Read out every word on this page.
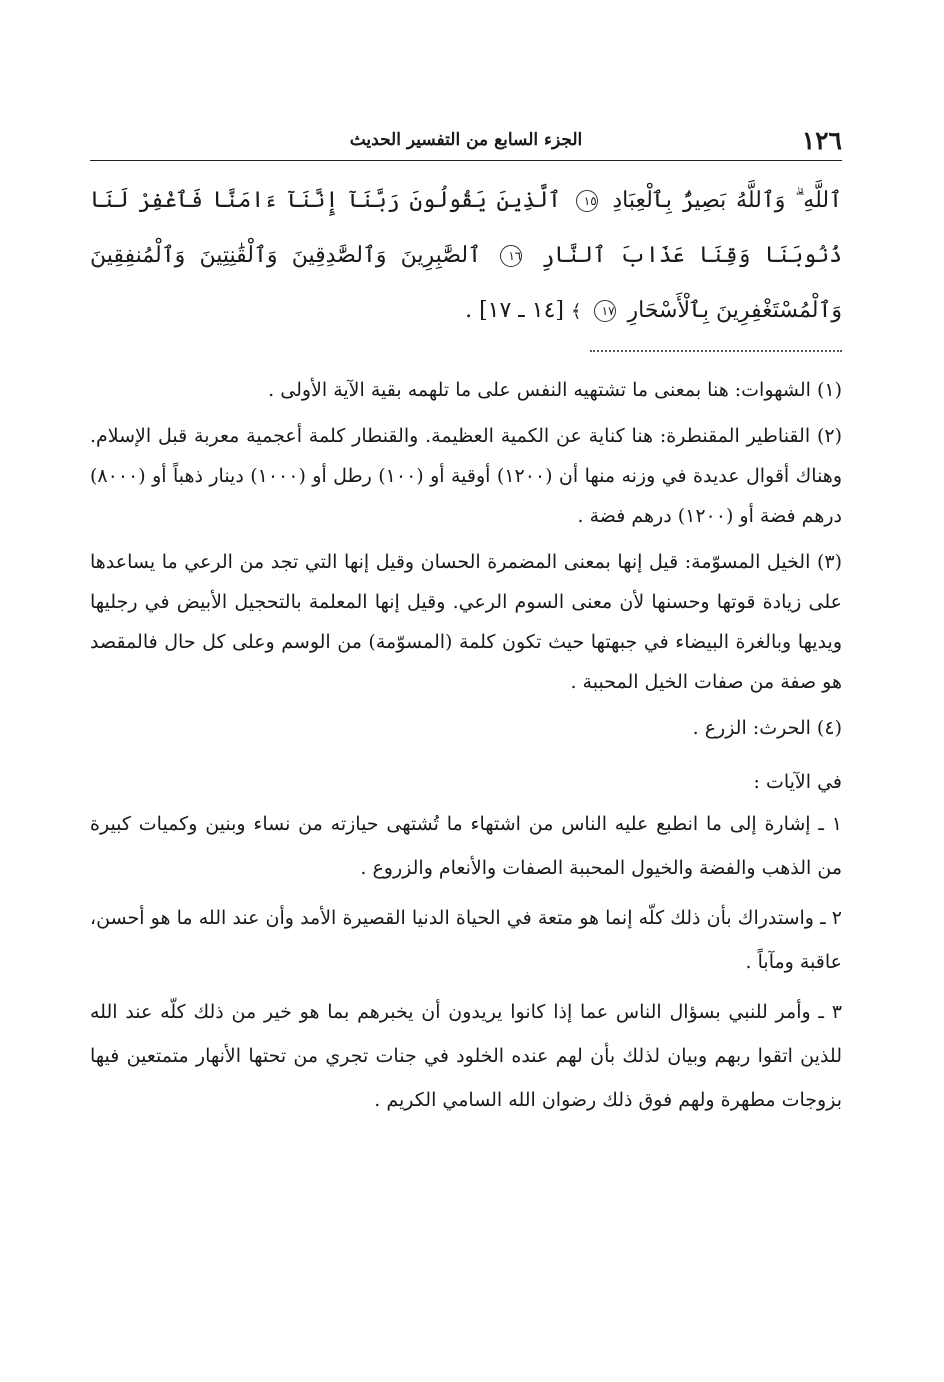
١٢٦
الجزء السابع من التفسير الحديث
ٱللَّهِ ۗ وَٱللَّهُ بَصِيرٌۢ بِٱلْعِبَادِ ١٥ ٱلَّذِينَ يَقُولُونَ رَبَّنَآ إِنَّنَآ ءَامَنَّا فَٱغْفِرْ لَنَا ذُنُوبَنَا وَقِنَا عَذَابَ ٱلنَّارِ ١٦ ٱلصَّٰبِرِينَ وَٱلصَّٰدِقِينَ وَٱلْقَٰنِتِينَ وَٱلْمُنفِقِينَ وَٱلْمُسْتَغْفِرِينَ بِٱلْأَسْحَارِ ١٧ ﴾ [١٤ ـ ١٧] .

(١) الشهوات: هنا بمعنى ما تشتهيه النفس على ما تلهمه بقية الآية الأولى .

(٢) القناطير المقنطرة: هنا كناية عن الكمية العظيمة. والقنطار كلمة أعجمية معربة قبل الإسلام. وهناك أقوال عديدة في وزنه منها أن (١٢٠٠) أوقية أو (١٠٠) رطل أو (١٠٠٠) دينار ذهباً أو (٨٠٠٠) درهم فضة أو (١٢٠٠) درهم فضة .

(٣) الخيل المسوّمة: قيل إنها بمعنى المضمرة الحسان وقيل إنها التي تجد من الرعي ما يساعدها على زيادة قوتها وحسنها لأن معنى السوم الرعي. وقيل إنها المعلمة بالتحجيل الأبيض في رجليها ويديها وبالغرة البيضاء في جبهتها حيث تكون كلمة (المسوّمة) من الوسم وعلى كل حال فالمقصد هو صفة من صفات الخيل المحببة .

(٤) الحرث: الزرع .

في الآيات :
١ ـ إشارة إلى ما انطبع عليه الناس من اشتهاء ما تُشتهى حيازته من نساء وبنين وكميات كبيرة من الذهب والفضة والخيول المحببة الصفات والأنعام والزروع .
٢ ـ واستدراك بأن ذلك كلّه إنما هو متعة في الحياة الدنيا القصيرة الأمد وأن عند الله ما هو أحسن، عاقبة ومآباً .
٣ ـ وأمر للنبي بسؤال الناس عما إذا كانوا يريدون أن يخبرهم بما هو خير من ذلك كلّه عند الله للذين اتقوا ربهم وبيان لذلك بأن لهم عنده الخلود في جنات تجري من تحتها الأنهار متمتعين فيها بزوجات مطهرة ولهم فوق ذلك رضوان الله السامي الكريم .
